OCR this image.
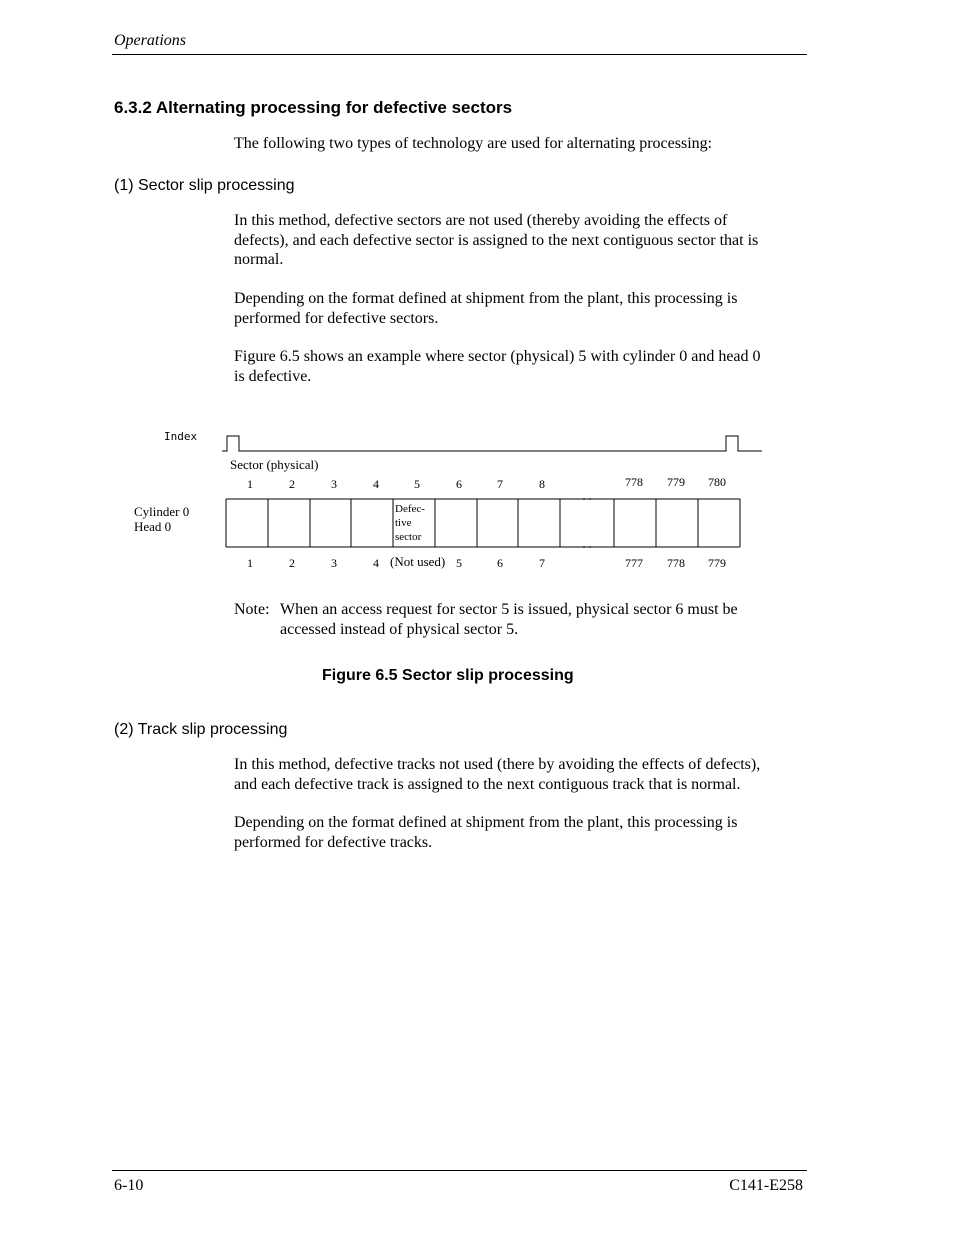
Operations
6.3.2 Alternating processing for defective sectors

The following two types of technology are used for alternating processing:

(1) Sector slip processing

In this method, defective sectors are not used (thereby avoiding the effects of

defects), and each defective sector is assigned to the next contiguous sector that is

normal.

Depending on the format defined at shipment from the plant, this processing is

performed for defective sectors.

Figure 6.5 shows an example where sector (physical) 5 with cylinder 0 and head 0

is defective.

Index
Sector (physical)
1	2	3	4	5	6	7	8	778 779 780
Cylinder 0
Head 0
Defec-
tive
sector
1	2	3	4	5	6	7	777 778 779
(Not used)
Note: When an access request for sector 5 is issued, physical sector 6 must be
accessed instead of physical sector 5.
Figure 6.5 Sector slip processing
(2) Track slip processing

In this method, defective tracks not used (there by avoiding the effects of defects),

and each defective track is assigned to the next contiguous track that is normal.

Depending on the format defined at shipment from the plant, this processing is

performed for defective tracks.

6-10	C141-E258
